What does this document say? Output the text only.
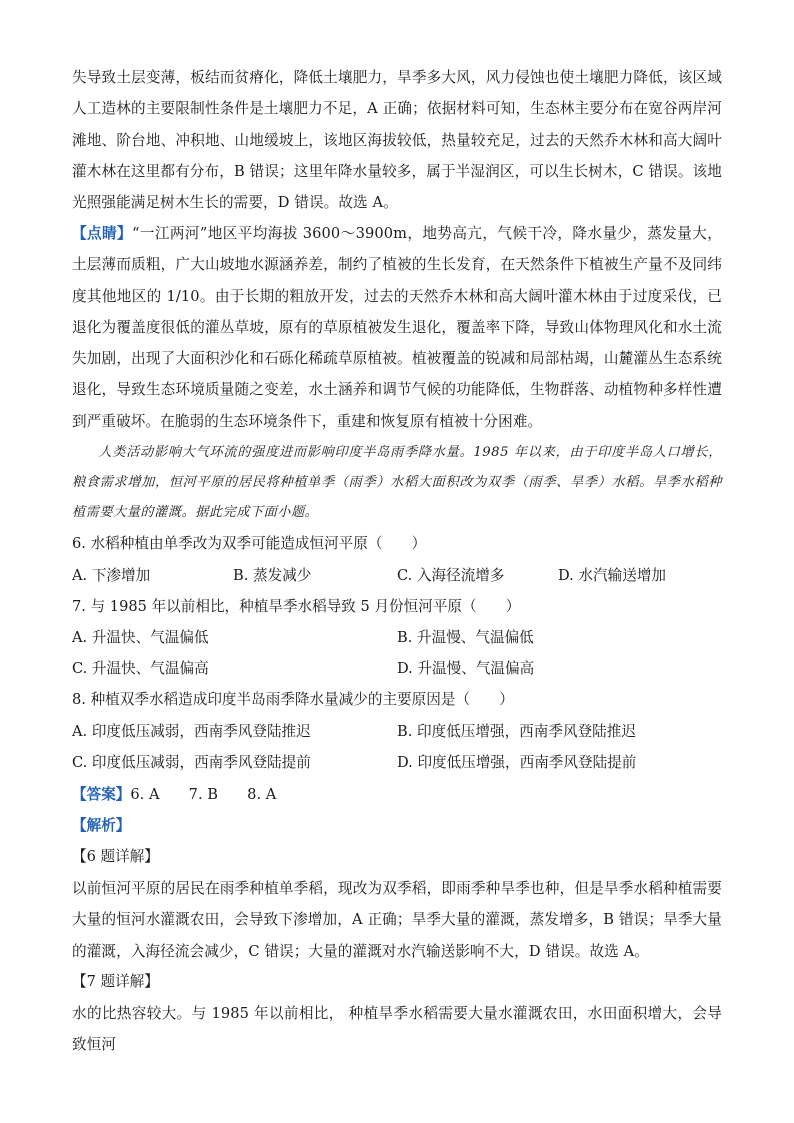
失导致土层变薄，板结而贫瘠化，降低土壤肥力，旱季多大风，风力侵蚀也使土壤肥力降低，该区域人工造林的主要限制性条件是土壤肥力不足，A 正确；依据材料可知，生态林主要分布在宽谷两岸河滩地、阶台地、冲积地、山地缓坡上，该地区海拔较低，热量较充足，过去的天然乔木林和高大阔叶灌木林在这里都有分布，B 错误；这里年降水量较多，属于半湿润区，可以生长树木，C 错误。该地光照强能满足树木生长的需要，D 错误。故选 A。
【点睛】“一江两河”地区平均海拔 3600～3900m，地势高亢，气候干冷，降水量少，蒸发量大，土层薄而质粗，广大山坡地水源涵养差，制约了植被的生长发育，在天然条件下植被生产量不及同纬度其他地区的 1/10。由于长期的粗放开发，过去的天然乔木林和高大阔叶灌木林由于过度采伐，已退化为覆盖度很低的灌丛草坡，原有的草原植被发生退化，覆盖率下降，导致山体物理风化和水土流失加剧，出现了大面积沙化和石砾化稀疏草原植被。植被覆盖的锐减和局部枯竭，山麓灌丛生态系统退化，导致生态环境质量随之变差，水土涵养和调节气候的功能降低，生物群落、动植物种多样性遭到严重破坏。在脆弱的生态环境条件下，重建和恢复原有植被十分困难。
人类活动影响大气环流的强度进而影响印度半岛雨季降水量。1985 年以来，由于印度半岛人口增长，粮食需求增加，恒河平原的居民将种植单季（雨季）水稻大面积改为双季（雨季、旱季）水稻。旱季水稻种植需要大量的灌溉。据此完成下面小题。
6. 水稻种植由单季改为双季可能造成恒河平原（　　）
A. 下渗增加	B. 蒸发减少	C. 入海径流增多	D. 水汽输送增加
7. 与 1985 年以前相比，种植旱季水稻导致 5 月份恒河平原（　　）
A. 升温快、气温偏低	B. 升温慢、气温偏低
C. 升温快、气温偏高	D. 升温慢、气温偏高
8. 种植双季水稻造成印度半岛雨季降水量减少的主要原因是（　　）
A. 印度低压减弱，西南季风登陆推迟	B. 印度低压增强，西南季风登陆推迟
C. 印度低压减弱，西南季风登陆提前	D. 印度低压增强，西南季风登陆提前
【答案】6. A　　7. B　　8. A
【解析】
【6 题详解】
以前恒河平原的居民在雨季种植单季稻，现改为双季稻，即雨季种旱季也种，但是旱季水稻种植需要大量的恒河水灌溉农田，会导致下渗增加，A 正确；旱季大量的灌溉，蒸发增多，B 错误；旱季大量的灌溉，入海径流会减少，C 错误；大量的灌溉对水汽输送影响不大，D 错误。故选 A。
【7 题详解】
水的比热容较大。与 1985 年以前相比， 种植旱季水稻需要大量水灌溉农田，水田面积增大，会导致恒河
